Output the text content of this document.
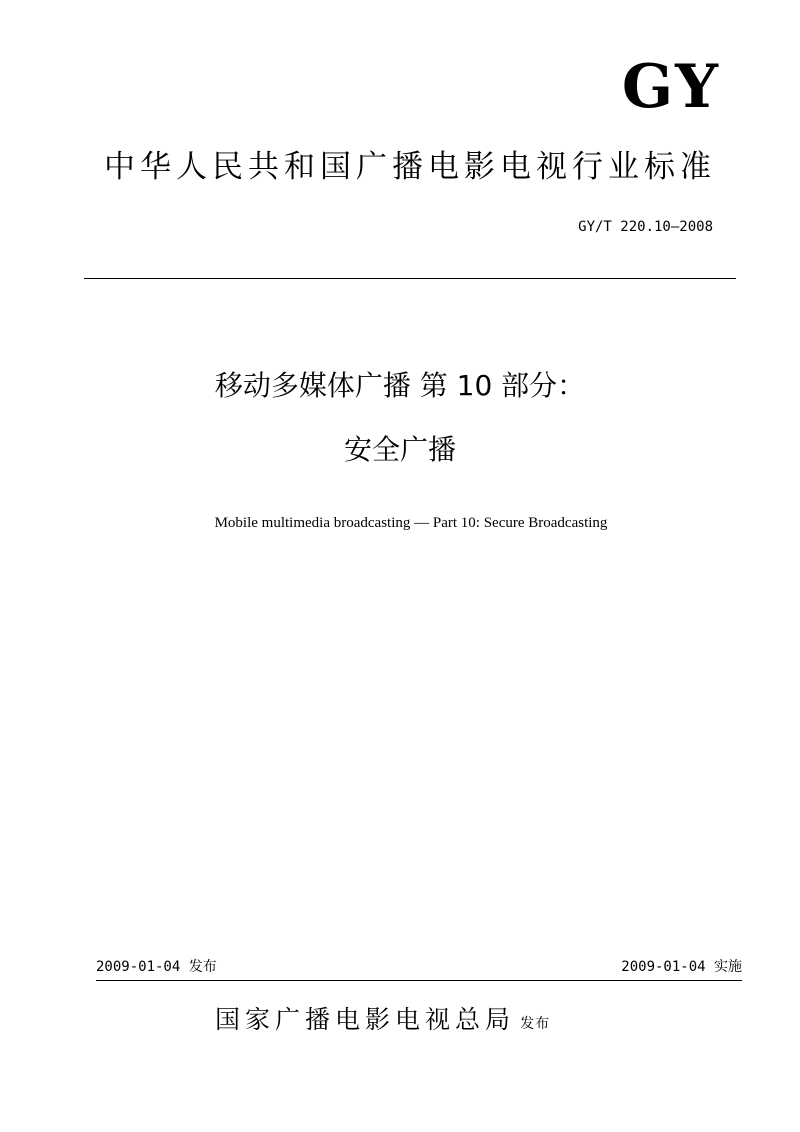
GY
中华人民共和国广播电影电视行业标准
GY/T 220.10—2008
移动多媒体广播 第 10 部分：
安全广播
Mobile multimedia broadcasting — Part 10: Secure Broadcasting
2009-01-04 发布	2009-01-04 实施
国家广播电影电视总局 发布
